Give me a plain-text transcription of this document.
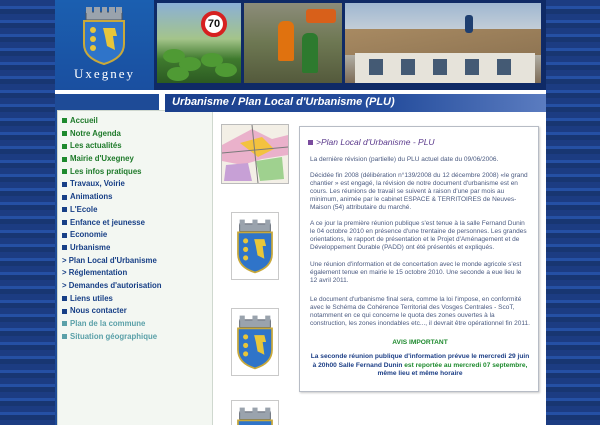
Uxegney
70
Accueil
Notre Agenda
Les actualités
Mairie d'Uxegney
Les infos pratiques
Travaux, Voirie
Animations
L'Ecole
Enfance et jeunesse
Economie
Urbanisme
> Plan Local d'Urbanisme
> Réglementation
> Demandes d'autorisation
Liens utiles
Nous contacter
Plan de la commune
Situation géographique
Urbanisme / Plan Local d'Urbanisme (PLU)
>Plan Local d'Urbanisme - PLU
La dernière révision (partielle) du PLU actuel date du 09/06/2006.
Décidée fin 2008 (délibération n°139/2008 du 12 décembre 2008) «le grand chantier » est engagé, la révision de notre document d'urbanisme est en cours. Les réunions de travail se suivent à raison d'une par mois au minimum, animée par le cabinet ESPACE & TERRITOIRES de Neuves-Maison (54) attributaire du marché.
A ce jour la première réunion publique s'est tenue à la salle Fernand Dunin le 04 octobre 2010 en présence d'une trentaine de personnes. Les grandes orientations, le rapport de présentation et le Projet d'Aménagement et de Développement Durable (PADD) ont été présentés et expliqués.
Une réunion d'information et de concertation avec le monde agricole s'est également tenue en mairie le 15 octobre 2010. Une seconde a eue lieu le 12 avril 2011.
Le document d'urbanisme final sera, comme la loi l'impose, en conformité avec le Schéma de Cohérence Territorial des Vosges Centrales - ScoT, notamment en ce qui concerne le quota des zones ouvertes à la construction, les zones inondables etc..., il devrait être opérationnel fin 2011.
AVIS IMPORTANT
La seconde réunion publique d'information prévue le mercredi 29 juin à 20h00 Salle Fernand Dunin est reportée au mercredi 07 septembre, même lieu et même horaire
